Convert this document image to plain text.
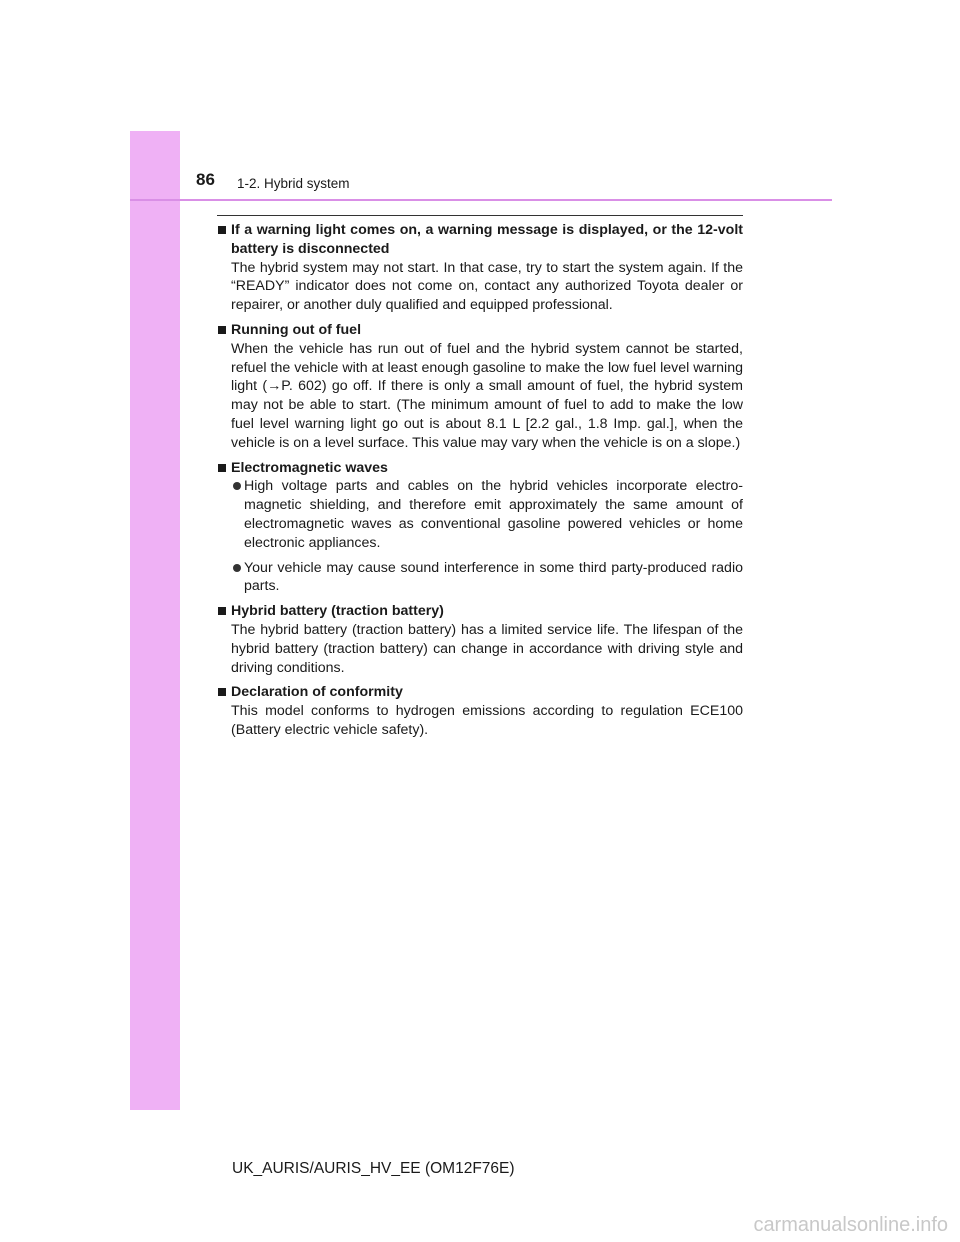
86 1-2. Hybrid system
If a warning light comes on, a warning message is displayed, or the 12-volt battery is disconnected
The hybrid system may not start. In that case, try to start the system again. If the “READY” indicator does not come on, contact any authorized Toyota dealer or repairer, or another duly qualified and equipped professional.
Running out of fuel
When the vehicle has run out of fuel and the hybrid system cannot be started, refuel the vehicle with at least enough gasoline to make the low fuel level warning light (→P. 602) go off. If there is only a small amount of fuel, the hybrid system may not be able to start. (The minimum amount of fuel to add to make the low fuel level warning light go out is about 8.1 L [2.2 gal., 1.8 Imp. gal.], when the vehicle is on a level surface. This value may vary when the vehicle is on a slope.)
Electromagnetic waves
High voltage parts and cables on the hybrid vehicles incorporate electro-magnetic shielding, and therefore emit approximately the same amount of electromagnetic waves as conventional gasoline powered vehicles or home electronic appliances.
Your vehicle may cause sound interference in some third party-produced radio parts.
Hybrid battery (traction battery)
The hybrid battery (traction battery) has a limited service life. The lifespan of the hybrid battery (traction battery) can change in accordance with driving style and driving conditions.
Declaration of conformity
This model conforms to hydrogen emissions according to regulation ECE100 (Battery electric vehicle safety).
UK_AURIS/AURIS_HV_EE (OM12F76E)
carmanualsonline.info
